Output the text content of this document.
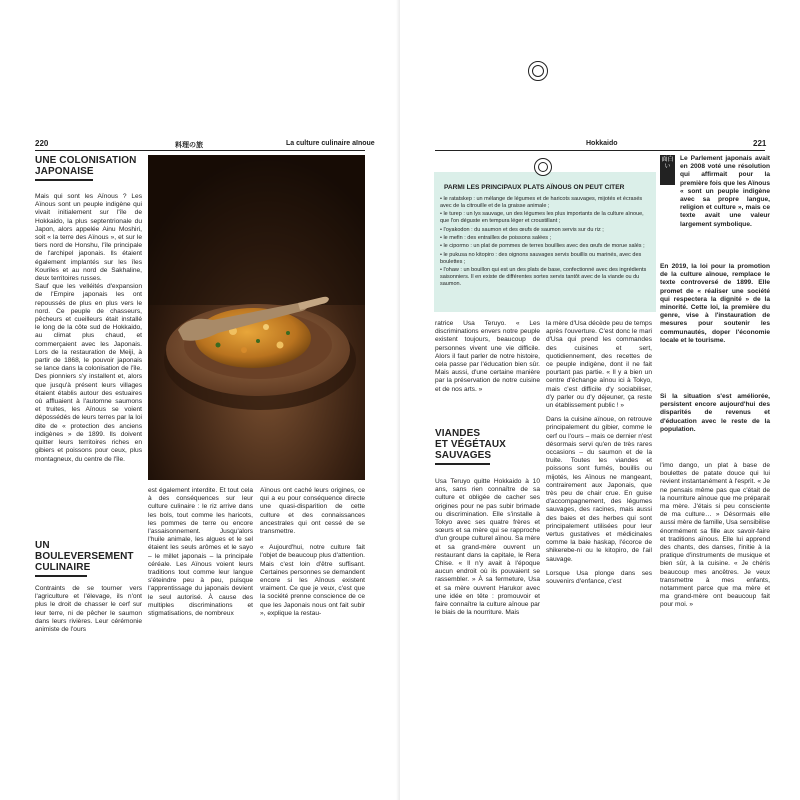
220	料理の旅	La culture culinaire aïnoue
UNE COLONISATION
JAPONAISE
Mais qui sont les Aïnous ? Les Aïnous sont un peuple indigène qui vivait initialement sur l'île de Hokkaido, la plus septentrionale du Japon, alors appelée Ainu Moshiri, soit « la terre des Aïnous », et sur le tiers nord de Honshu, l'île principale de l'archipel japonais. Ils étaient également implantés sur les îles Kouriles et au nord de Sakhaline, deux territoires russes.
Sauf que les velléités d'expansion de l'Empire japonais les ont repoussés de plus en plus vers le nord. Ce peuple de chasseurs, pêcheurs et cueilleurs était installé le long de la côte sud de Hokkaido, au climat plus chaud, et commerçaient avec les Japonais. Lors de la restauration de Meiji, à partir de 1868, le pouvoir japonais se lance dans la colonisation de l'île. Des pionniers s'y installent et, alors que jusqu'à présent leurs villages étaient établis autour des estuaires où affluaient à l'automne saumons et truites, les Aïnous se voient dépossédés de leurs terres par la loi dite de « protection des anciens indigènes » de 1899. Ils doivent quitter leurs territoires riches en gibiers et poissons pour ceux, plus montagneux, du centre de l'île.
UN
BOULEVERSEMENT
CULINAIRE
Contraints de se tourner vers l'agriculture et l'élevage, ils n'ont plus le droit de chasser le cerf sur leur terre, ni de pêcher le saumon dans leurs rivières. Leur cérémonie animiste de l'ours
est également interdite. Et tout cela à des conséquences sur leur culture culinaire : le riz arrive dans les bols, tout comme les haricots, les pommes de terre ou encore l'assaisonnement. Jusqu'alors l'huile animale, les algues et le sel étaient les seuls arômes et le sayo – le millet japonais – la principale céréale. Les Aïnous voient leurs traditions tout comme leur langue s'éteindre peu à peu, puisque l'apprentissage du japonais devient le seul autorisé. À cause des multiples discriminations et stigmatisations, de nombreux
Aïnous ont caché leurs origines, ce qui a eu pour conséquence directe une quasi-disparition de cette culture et des connaissances ancestrales qui ont cessé de se transmettre.
« Aujourd'hui, notre culture fait l'objet de beaucoup plus d'attention. Mais c'est loin d'être suffisant. Certaines personnes se demandent encore si les Aïnous existent vraiment. Ce que je veux, c'est que la société prenne conscience de ce que les Japonais nous ont fait subir », explique la restau-
Hokkaido	221
PARMI LES PRINCIPAUX PLATS AÏNOUS ON PEUT CITER
• le ratatskep : un mélange de légumes et de haricots sauvages, mijotés et écrasés avec de la citrouille et de la graisse animale ;
• le turep : un lys sauvage, un des légumes les plus importants de la culture aïnoue, que l'on déguste en tempura léger et croustillant ;
• l'oyakodon : du saumon et des œufs de saumon servis sur du riz ;
• le mefin : des entrailles de poissons salées ;
• le cipormo : un plat de pommes de terres bouillies avec des œufs de morue salés ;
• le pukusa no kitopiro : des oignons sauvages servis bouillis ou marinés, avec des boulettes ;
• l'ohaw : un bouillon qui est un des plats de base, confectionné avec des ingrédients saisonniers. Il en existe de différentes sortes servis tantôt avec de la viande ou du saumon.
ratrice Usa Teruyo. « Les discriminations envers notre peuple existent toujours, beaucoup de personnes vivent une vie difficile. Alors il faut parler de notre histoire, cela passe par l'éducation bien sûr. Mais aussi, d'une certaine manière par la préservation de notre cuisine et de nos arts. »
VIANDES
ET VÉGÉTAUX
SAUVAGES
Usa Teruyo quitte Hokkaido à 10 ans, sans rien connaître de sa culture et obligée de cacher ses origines pour ne pas subir brimade ou discrimination. Elle s'installe à Tokyo avec ses quatre frères et sœurs et sa mère qui se rapproche d'un groupe culturel aïnou. Sa mère et sa grand-mère ouvrent un restaurant dans la capitale, le Rera Chise. « Il n'y avait à l'époque aucun endroit où ils pouvaient se rassembler. » À sa fermeture, Usa et sa mère ouvrent Harukor avec une idée en tête : promouvoir et faire connaître la culture aïnoue par le biais de la nourriture. Mais
la mère d'Usa décède peu de temps après l'ouverture. C'est donc le mari d'Usa qui prend les commandes des cuisines et sert, quotidiennement, des recettes de ce peuple indigène, dont il ne fait pourtant pas partie. « Il y a bien un centre d'échange aïnou ici à Tokyo, mais c'est difficile d'y sociabiliser, d'y parler ou d'y déjeuner, ça reste un établissement public ! »
Dans la cuisine aïnoue, on retrouve principalement du gibier, comme le cerf ou l'ours – mais ce dernier n'est désormais servi qu'en de très rares occasions – du saumon et de la truite. Toutes les viandes et poissons sont fumés, bouillis ou mijotés, les Aïnous ne mangeant, contrairement aux Japonais, que très peu de chair crue. En guise d'accompagnement, des légumes sauvages, des racines, mais aussi des baies et des herbes qui sont principalement utilisées pour leur vertus gustatives et médicinales comme la baie haskap, l'écorce de shikerebe-ni ou le kitopiro, de l'ail sauvage.
Lorsque Usa plonge dans ses souvenirs d'enfance, c'est
面白い
Le Parlement japonais avait en 2008 voté une résolution qui affirmait pour la première fois que les Aïnous « sont un peuple indigène avec sa propre langue, religion et culture », mais ce texte avait une valeur largement symbolique.
En 2019, la loi pour la promotion de la culture aïnoue, remplace le texte controversé de 1899. Elle promet de « réaliser une société qui respectera la dignité » de la minorité. Cette loi, la première du genre, vise à l'instauration de mesures pour soutenir les communautés, doper l'économie locale et le tourisme.
Si la situation s'est améliorée, persistent encore aujourd'hui des disparités de revenus et d'éducation avec le reste de la population.
l'imo dango, un plat à base de boulettes de patate douce qui lui revient instantanément à l'esprit. « Je ne pensais même pas que c'était de la nourriture aïnoue que me préparait ma mère. J'étais si peu consciente de ma culture… » Désormais elle aussi mère de famille, Usa sensibilise énormément sa fille aux savoir-faire et traditions aïnous. Elle lui apprend des chants, des danses, l'initie à la pratique d'instruments de musique et bien sûr, à la cuisine. « Je chéris beaucoup mes ancêtres. Je veux transmettre à mes enfants, notamment parce que ma mère et ma grand-mère ont beaucoup fait pour moi. »
